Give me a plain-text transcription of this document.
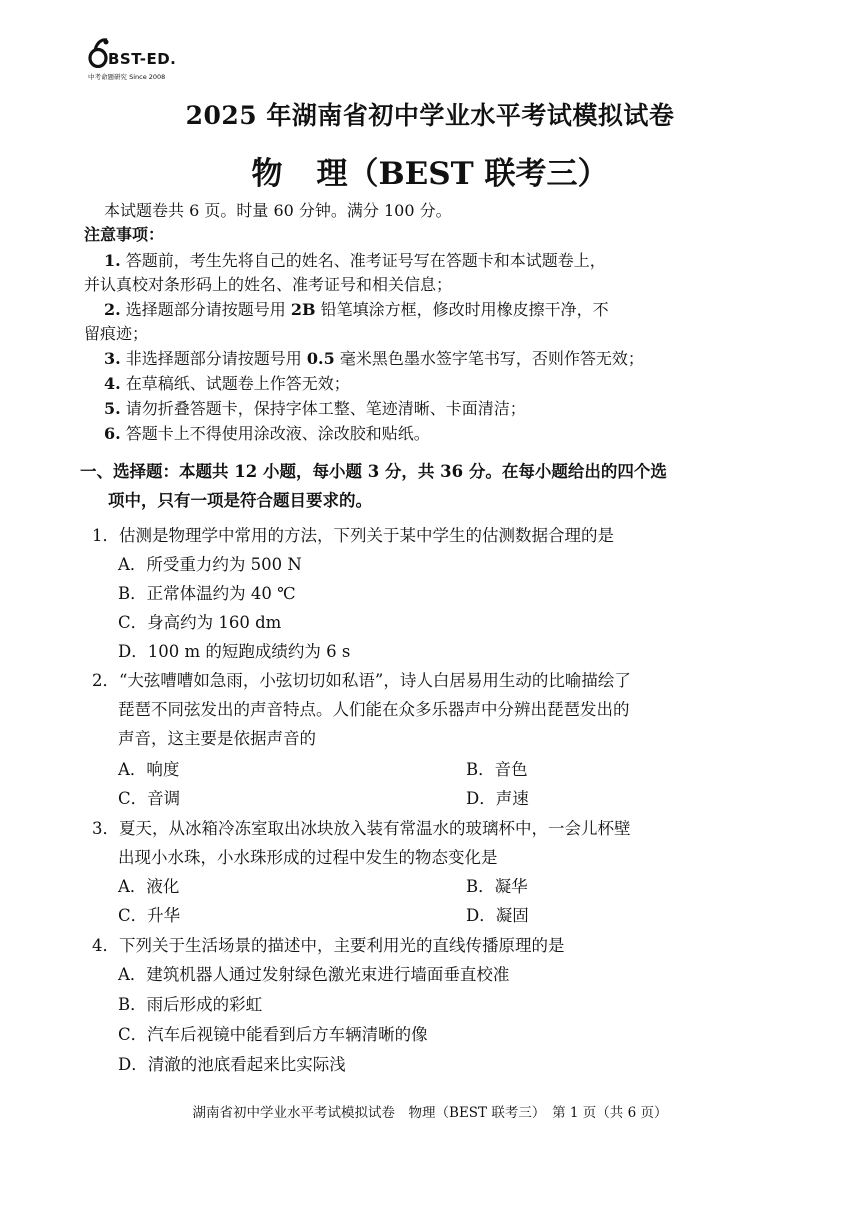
BST-ED.
中考命题研究 Since 2008
2025 年湖南省初中学业水平考试模拟试卷
物 理（BEST 联考三）
本试题卷共 6 页。时量 60 分钟。满分 100 分。
注意事项：
1. 答题前，考生先将自己的姓名、准考证号写在答题卡和本试题卷上，
并认真校对条形码上的姓名、准考证号和相关信息；
2. 选择题部分请按题号用 2B 铅笔填涂方框，修改时用橡皮擦干净，不
留痕迹；
3. 非选择题部分请按题号用 0.5 毫米黑色墨水签字笔书写，否则作答无效；
4. 在草稿纸、试题卷上作答无效；
5. 请勿折叠答题卡，保持字体工整、笔迹清晰、卡面清洁；
6. 答题卡上不得使用涂改液、涂改胶和贴纸。
一、选择题：本题共 12 小题，每小题 3 分，共 36 分。在每小题给出的四个选
项中，只有一项是符合题目要求的。
1．估测是物理学中常用的方法，下列关于某中学生的估测数据合理的是
A．所受重力约为 500 N
B．正常体温约为 40 ℃
C．身高约为 160 dm
D．100 m 的短跑成绩约为 6 s
2．“大弦嘈嘈如急雨，小弦切切如私语”，诗人白居易用生动的比喻描绘了
琵琶不同弦发出的声音特点。人们能在众多乐器声中分辨出琵琶发出的
声音，这主要是依据声音的
A．响度	B．音色
C．音调	D．声速
3．夏天，从冰箱冷冻室取出冰块放入装有常温水的玻璃杯中，一会儿杯壁
出现小水珠，小水珠形成的过程中发生的物态变化是
A．液化	B．凝华
C．升华	D．凝固
4．下列关于生活场景的描述中，主要利用光的直线传播原理的是
A．建筑机器人通过发射绿色激光束进行墙面垂直校准
B．雨后形成的彩虹
C．汽车后视镜中能看到后方车辆清晰的像
D．清澈的池底看起来比实际浅
湖南省初中学业水平考试模拟试卷　物理（BEST 联考三）　第 1 页（共 6 页）
